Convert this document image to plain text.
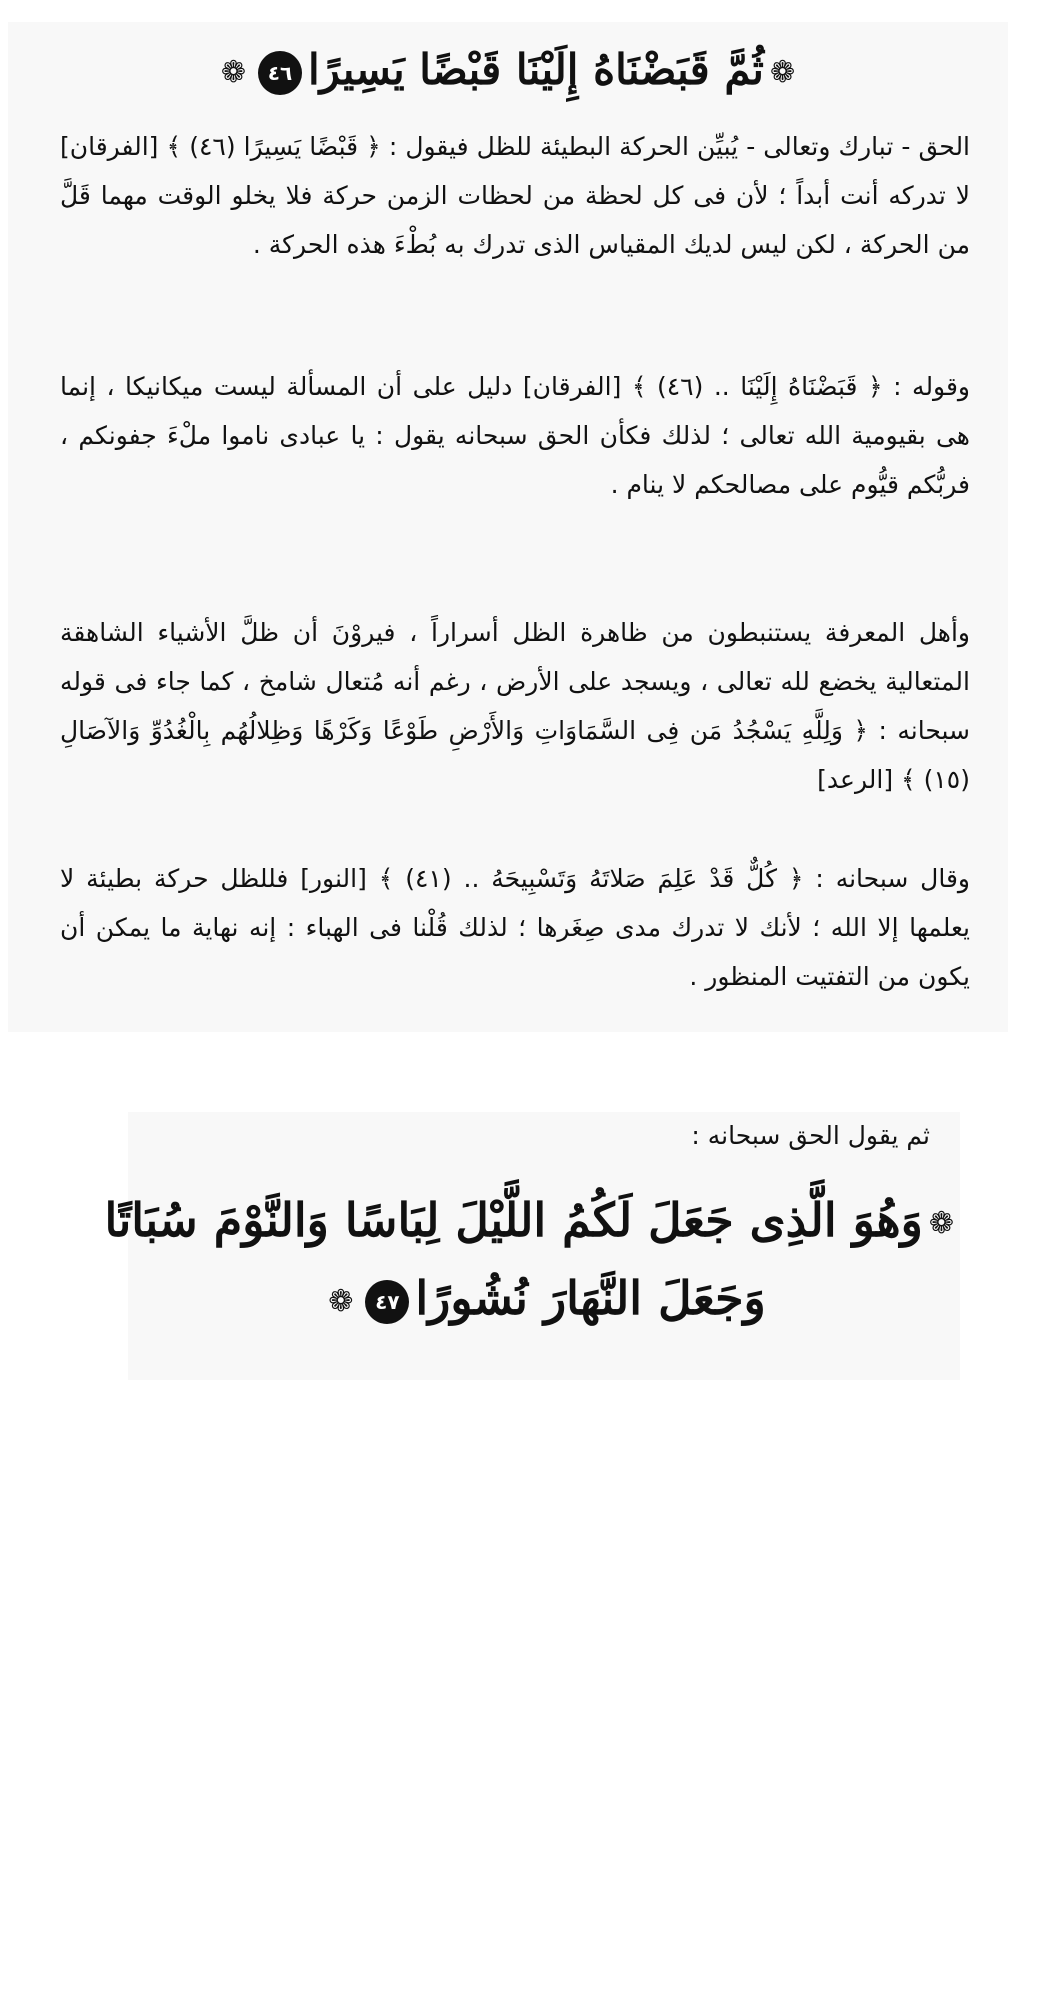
❁ثُمَّ قَبَضْنَاهُ إِلَيْنَا قَبْضًا يَسِيرًا٤٦❁

الحق - تبارك وتعالى - يُبيِّن الحركة البطيئة للظل فيقول : ﴿ قَبْضًا يَسِيرًا (٤٦) ﴾ [الفرقان] لا تدركه أنت أبداً ؛ لأن فى كل لحظة من لحظات الزمن حركة فلا يخلو الوقت مهما قَلَّ من الحركة ، لكن ليس لديك المقياس الذى تدرك به بُطْءَ هذه الحركة .

وقوله : ﴿ قَبَضْنَاهُ إِلَيْنَا .. (٤٦) ﴾ [الفرقان] دليل على أن المسألة ليست ميكانيكا ، إنما هى بقيومية الله تعالى ؛ لذلك فكأن الحق سبحانه يقول : يا عبادى ناموا ملْءَ جفونكم ، فربُّكم قيُّوم على مصالحكم لا ينام .

وأهل المعرفة يستنبطون من ظاهرة الظل أسراراً ، فيروْنَ أن ظلَّ الأشياء الشاهقة المتعالية يخضع لله تعالى ، ويسجد على الأرض ، رغم أنه مُتعال شامخ ، كما جاء فى قوله سبحانه : ﴿ وَلِلَّهِ يَسْجُدُ مَن فِى السَّمَاوَاتِ وَالأَرْضِ طَوْعًا وَكَرْهًا وَظِلالُهُم بِالْغُدُوِّ وَالآصَالِ (١٥) ﴾ [الرعد]

وقال سبحانه : ﴿ كُلٌّ قَدْ عَلِمَ صَلاتَهُ وَتَسْبِيحَهُ .. (٤١) ﴾ [النور] فللظل حركة بطيئة لا يعلمها إلا الله ؛ لأنك لا تدرك مدى صِغَرها ؛ لذلك قُلْنا فى الهباء : إنه نهاية ما يمكن أن يكون من التفتيت المنظور .

ثم يقول الحق سبحانه :
❁وَهُوَ الَّذِى جَعَلَ لَكُمُ اللَّيْلَ لِبَاسًا وَالنَّوْمَ سُبَاتًا
وَجَعَلَ النَّهَارَ نُشُورًا٤٧❁
